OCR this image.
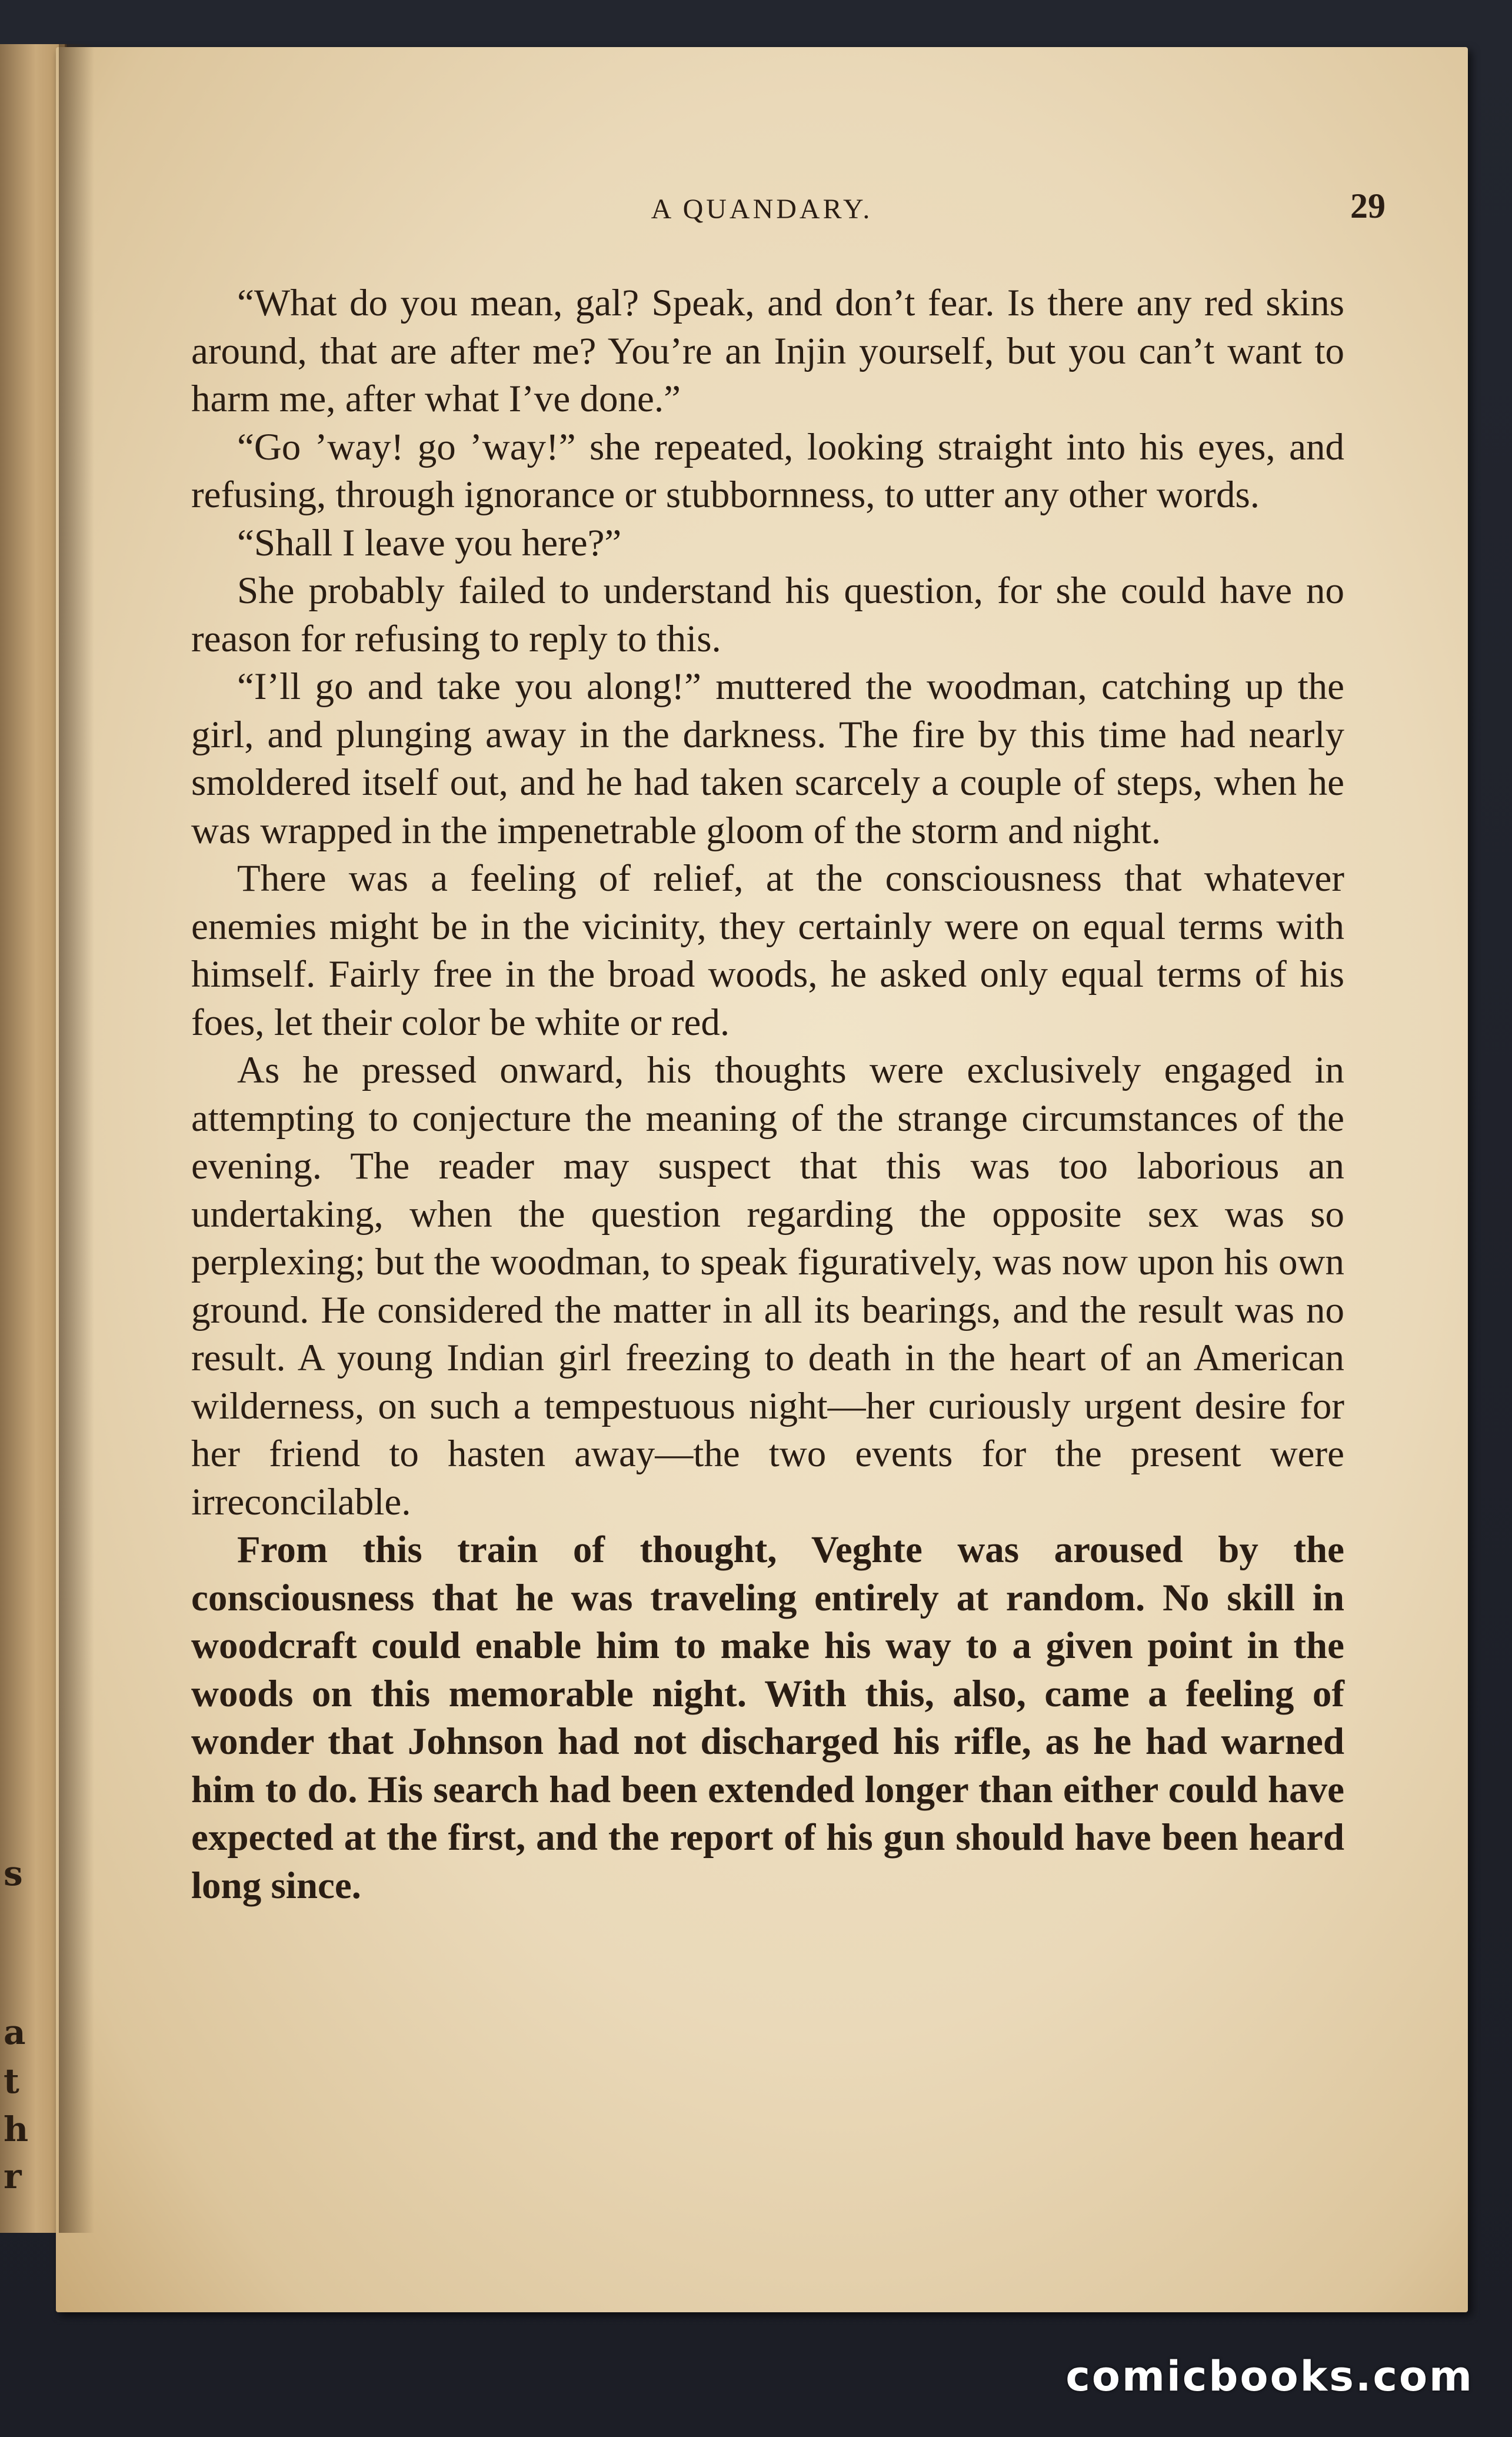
a
t
h
r
s
A QUANDARY.	29

“What do you mean, gal? Speak, and don’t fear. Is there any red skins around, that are after me? You’re an Injin yourself, but you can’t want to harm me, after what I’ve done.”

“Go ’way! go ’way!” she repeated, looking straight into his eyes, and refusing, through ignorance or stubbornness, to utter any other words.

“Shall I leave you here?”

She probably failed to understand his question, for she could have no reason for refusing to reply to this.

“I’ll go and take you along!” muttered the woodman, catching up the girl, and plunging away in the darkness. The fire by this time had nearly smoldered itself out, and he had taken scarcely a couple of steps, when he was wrapped in the impenetrable gloom of the storm and night.

There was a feeling of relief, at the consciousness that whatever enemies might be in the vicinity, they certainly were on equal terms with himself. Fairly free in the broad woods, he asked only equal terms of his foes, let their color be white or red.

As he pressed onward, his thoughts were exclusively engaged in attempting to conjecture the meaning of the strange circumstances of the evening. The reader may suspect that this was too laborious an undertaking, when the question regarding the opposite sex was so perplexing; but the woodman, to speak figuratively, was now upon his own ground. He considered the matter in all its bearings, and the result was no result. A young Indian girl freezing to death in the heart of an American wilderness, on such a tempestuous night—her curiously urgent desire for her friend to hasten away—the two events for the present were irreconcilable.

From this train of thought, Veghte was aroused by the consciousness that he was traveling entirely at random. No skill in woodcraft could enable him to make his way to a given point in the woods on this memorable night. With this, also, came a feeling of wonder that Johnson had not discharged his rifle, as he had warned him to do. His search had been extended longer than either could have expected at the first, and the report of his gun should have been heard long since.

comicbooks.com
